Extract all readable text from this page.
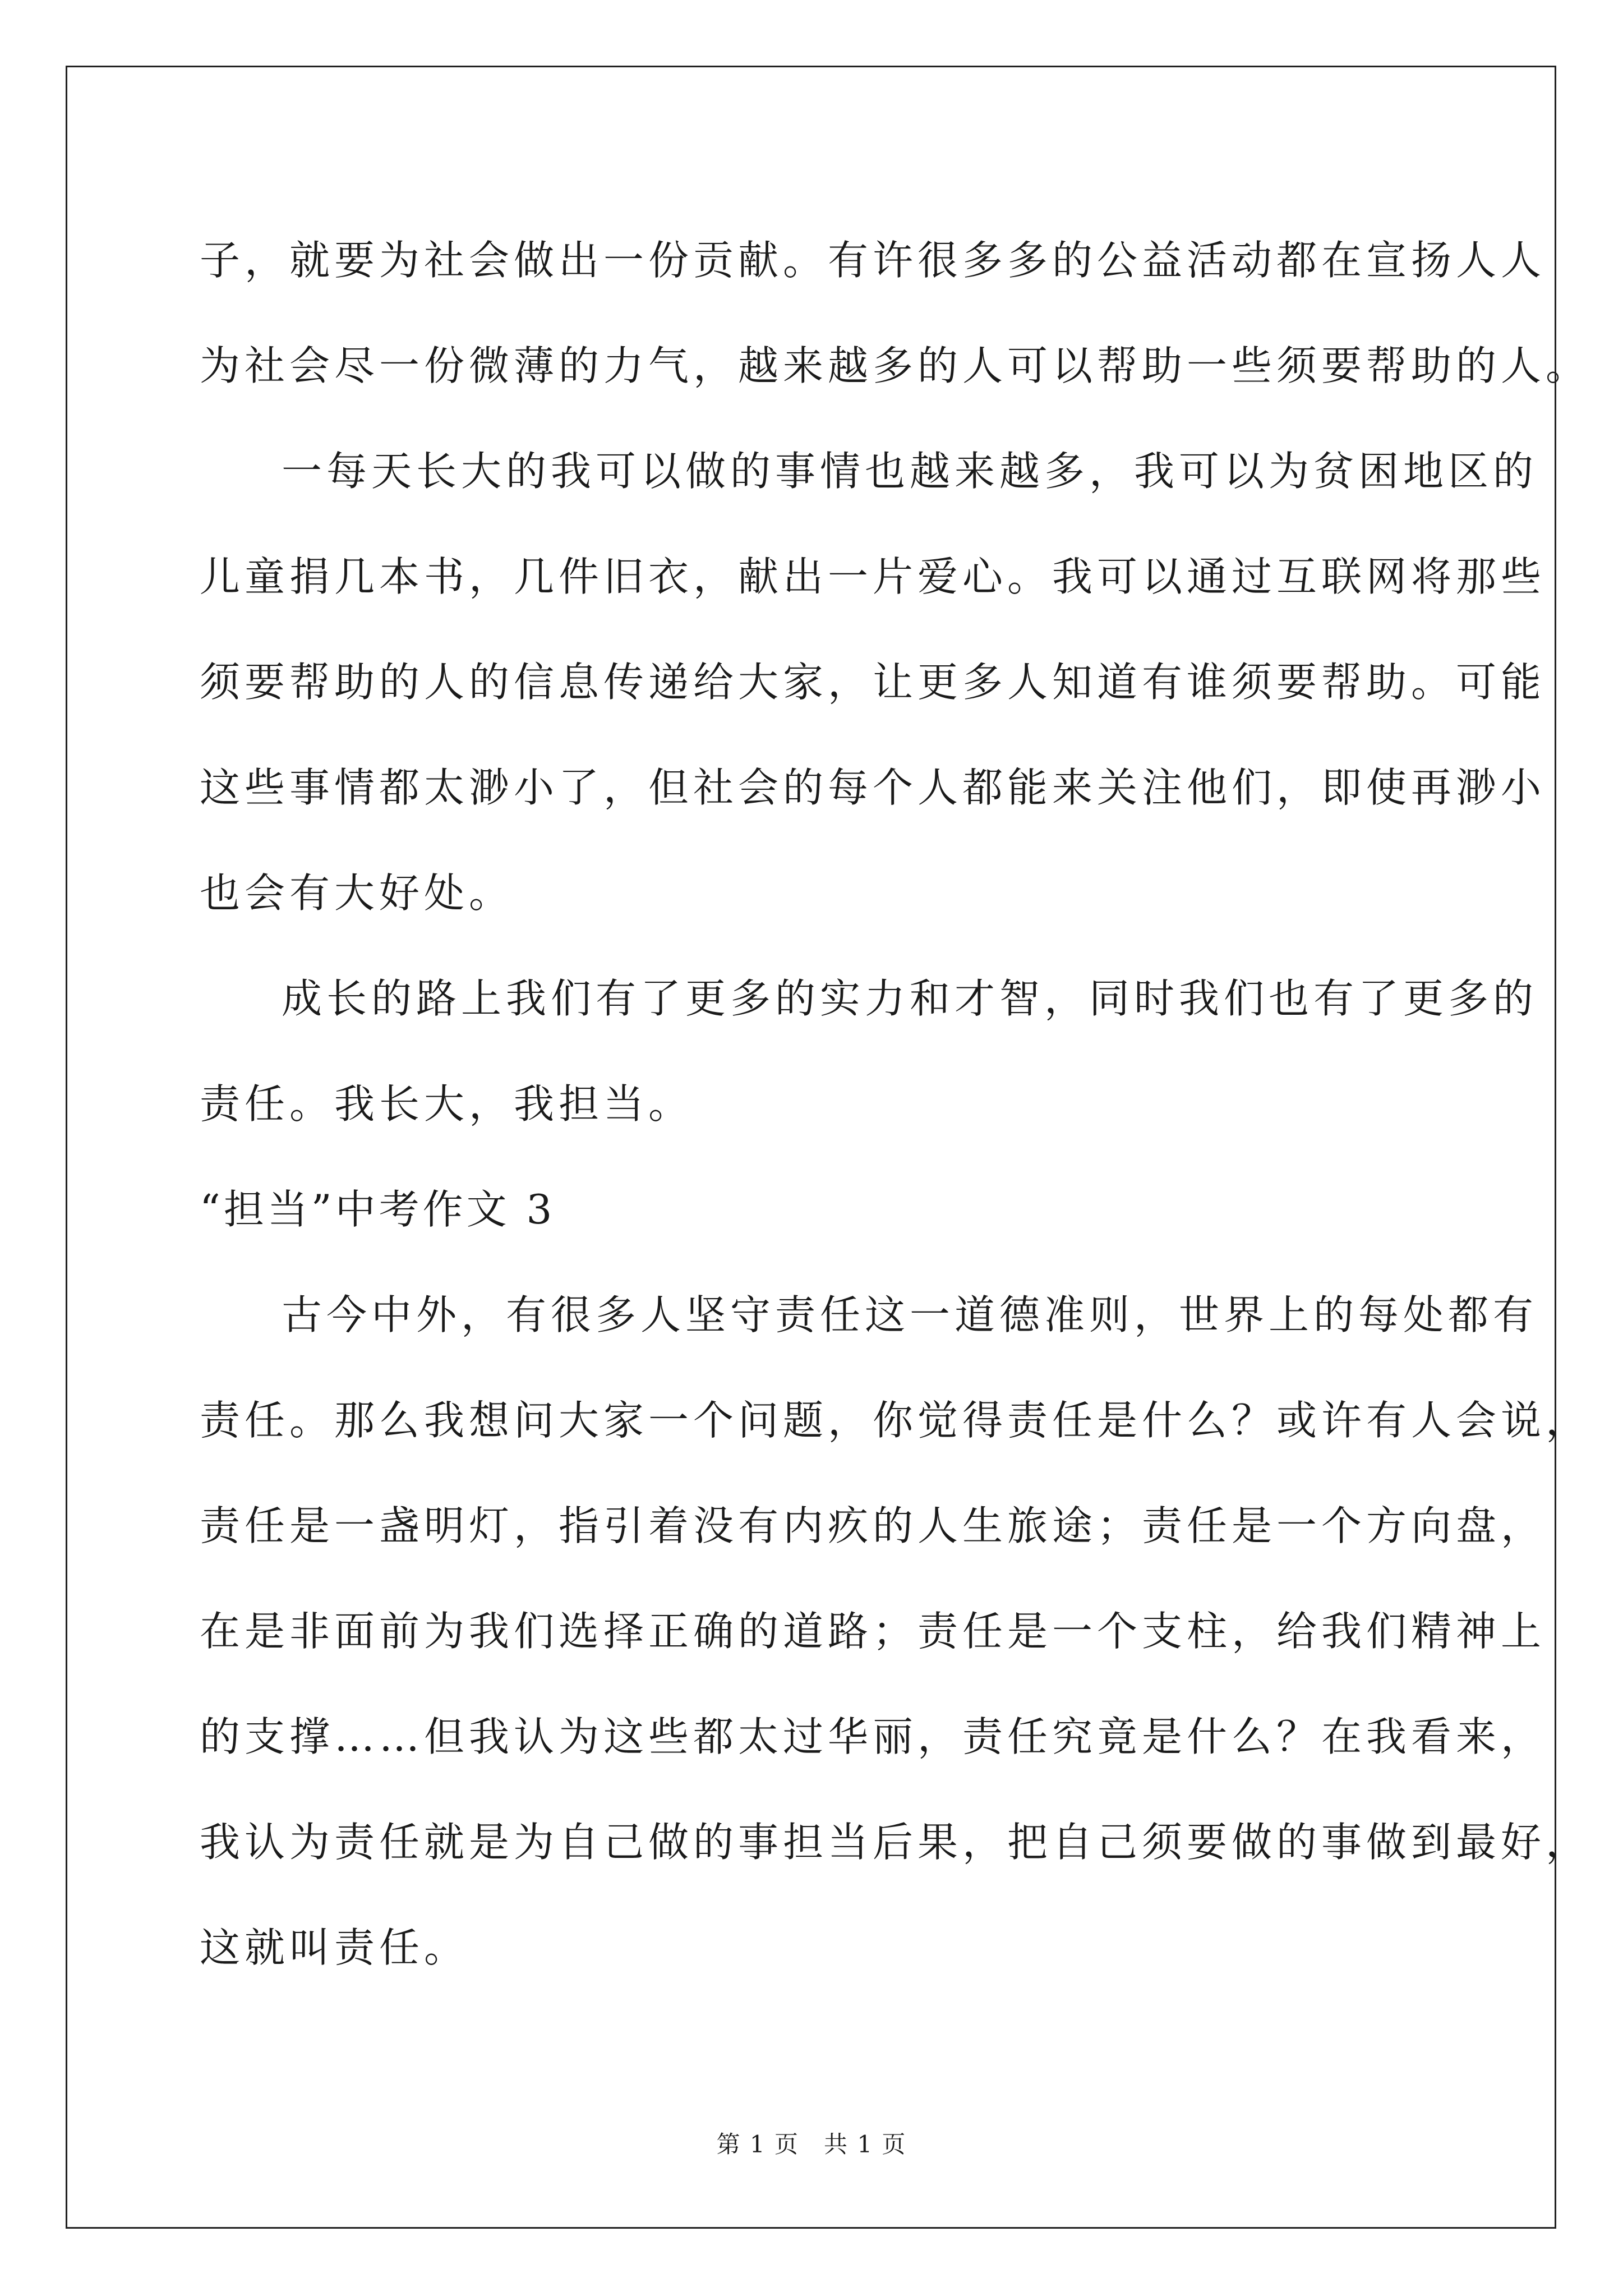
子，就要为社会做出一份贡献。有许很多多的公益活动都在宣扬人人
为社会尽一份微薄的力气，越来越多的人可以帮助一些须要帮助的人。
一每天长大的我可以做的事情也越来越多，我可以为贫困地区的
儿童捐几本书，几件旧衣，献出一片爱心。我可以通过互联网将那些
须要帮助的人的信息传递给大家，让更多人知道有谁须要帮助。可能
这些事情都太渺小了，但社会的每个人都能来关注他们，即使再渺小
也会有大好处。
成长的路上我们有了更多的实力和才智，同时我们也有了更多的
责任。我长大，我担当。
“担当”中考作文 3
古今中外，有很多人坚守责任这一道德准则，世界上的每处都有
责任。那么我想问大家一个问题，你觉得责任是什么？或许有人会说，
责任是一盏明灯，指引着没有内疚的人生旅途；责任是一个方向盘，
在是非面前为我们选择正确的道路；责任是一个支柱，给我们精神上
的支撑……但我认为这些都太过华丽，责任究竟是什么？在我看来，
我认为责任就是为自己做的事担当后果，把自己须要做的事做到最好，
这就叫责任。
第 1 页　共 1 页
